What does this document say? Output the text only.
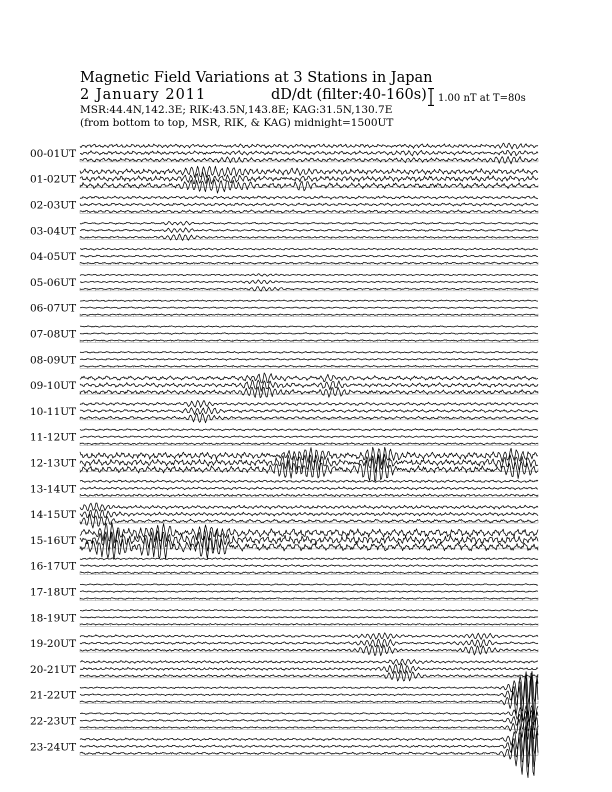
Magnetic Field Variations at 3 Stations in Japan
2 January 2011	dD/dt (filter:40-160s)
MSR:44.4N,142.3E; RIK:43.5N,143.8E; KAG:31.5N,130.7E
(from bottom to top, MSR, RIK, & KAG) midnight=1500UT
1.00 nT at T=80s
00-01UT
01-02UT
02-03UT
03-04UT
04-05UT
05-06UT
06-07UT
07-08UT
08-09UT
09-10UT
10-11UT
11-12UT
12-13UT
13-14UT
14-15UT
15-16UT
16-17UT
17-18UT
18-19UT
19-20UT
20-21UT
21-22UT
22-23UT
23-24UT
